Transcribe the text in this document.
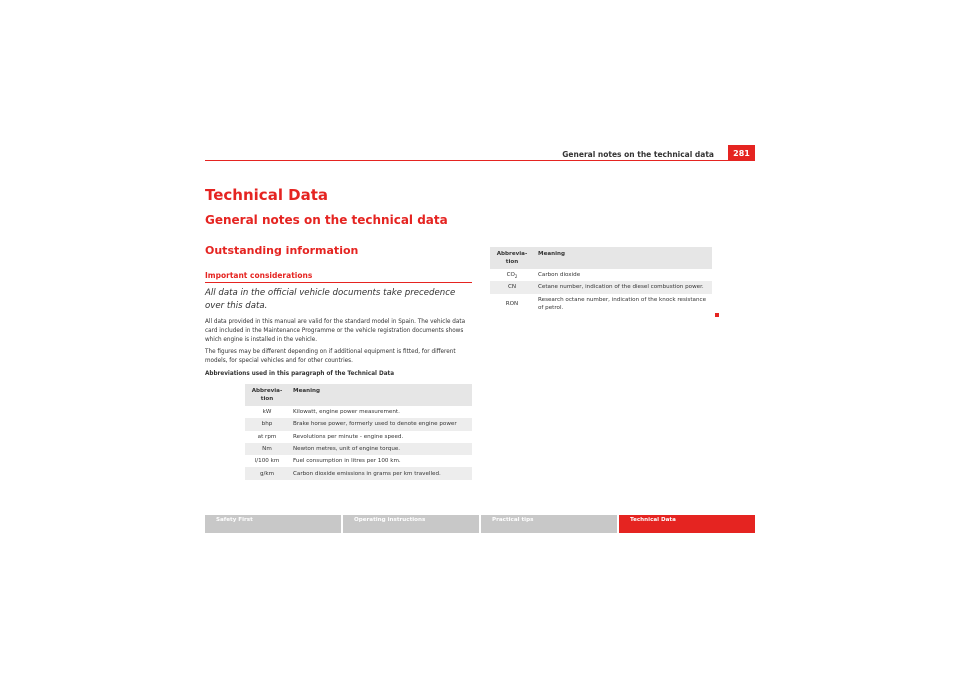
General notes on the technical data	281
Technical Data
General notes on the technical data
Outstanding information
Important considerations
All data in the official vehicle documents take precedence over this data.
All data provided in this manual are valid for the standard model in Spain. The vehicle data card included in the Maintenance Programme or the vehicle registration documents shows which engine is installed in the vehicle.
The figures may be different depending on if additional equipment is fitted, for different models, for special vehicles and for other countries.
Abbreviations used in this paragraph of the Technical Data
Abbrevia-
tion	Meaning
kW	Kilowatt, engine power measurement.
bhp	Brake horse power, formerly used to denote engine power
at rpm	Revolutions per minute - engine speed.
Nm	Newton metres, unit of engine torque.
l/100 km	Fuel consumption in litres per 100 km.
g/km	Carbon dioxide emissions in grams per km travelled.
Abbrevia-
tion	Meaning
$CO_2$	Carbon dioxide
CN	Cetane number, indication of the diesel combustion power.
RON	Research octane number, indication of the knock resistance of petrol.
Safety First	Operating instructions	Practical tips	Technical Data
